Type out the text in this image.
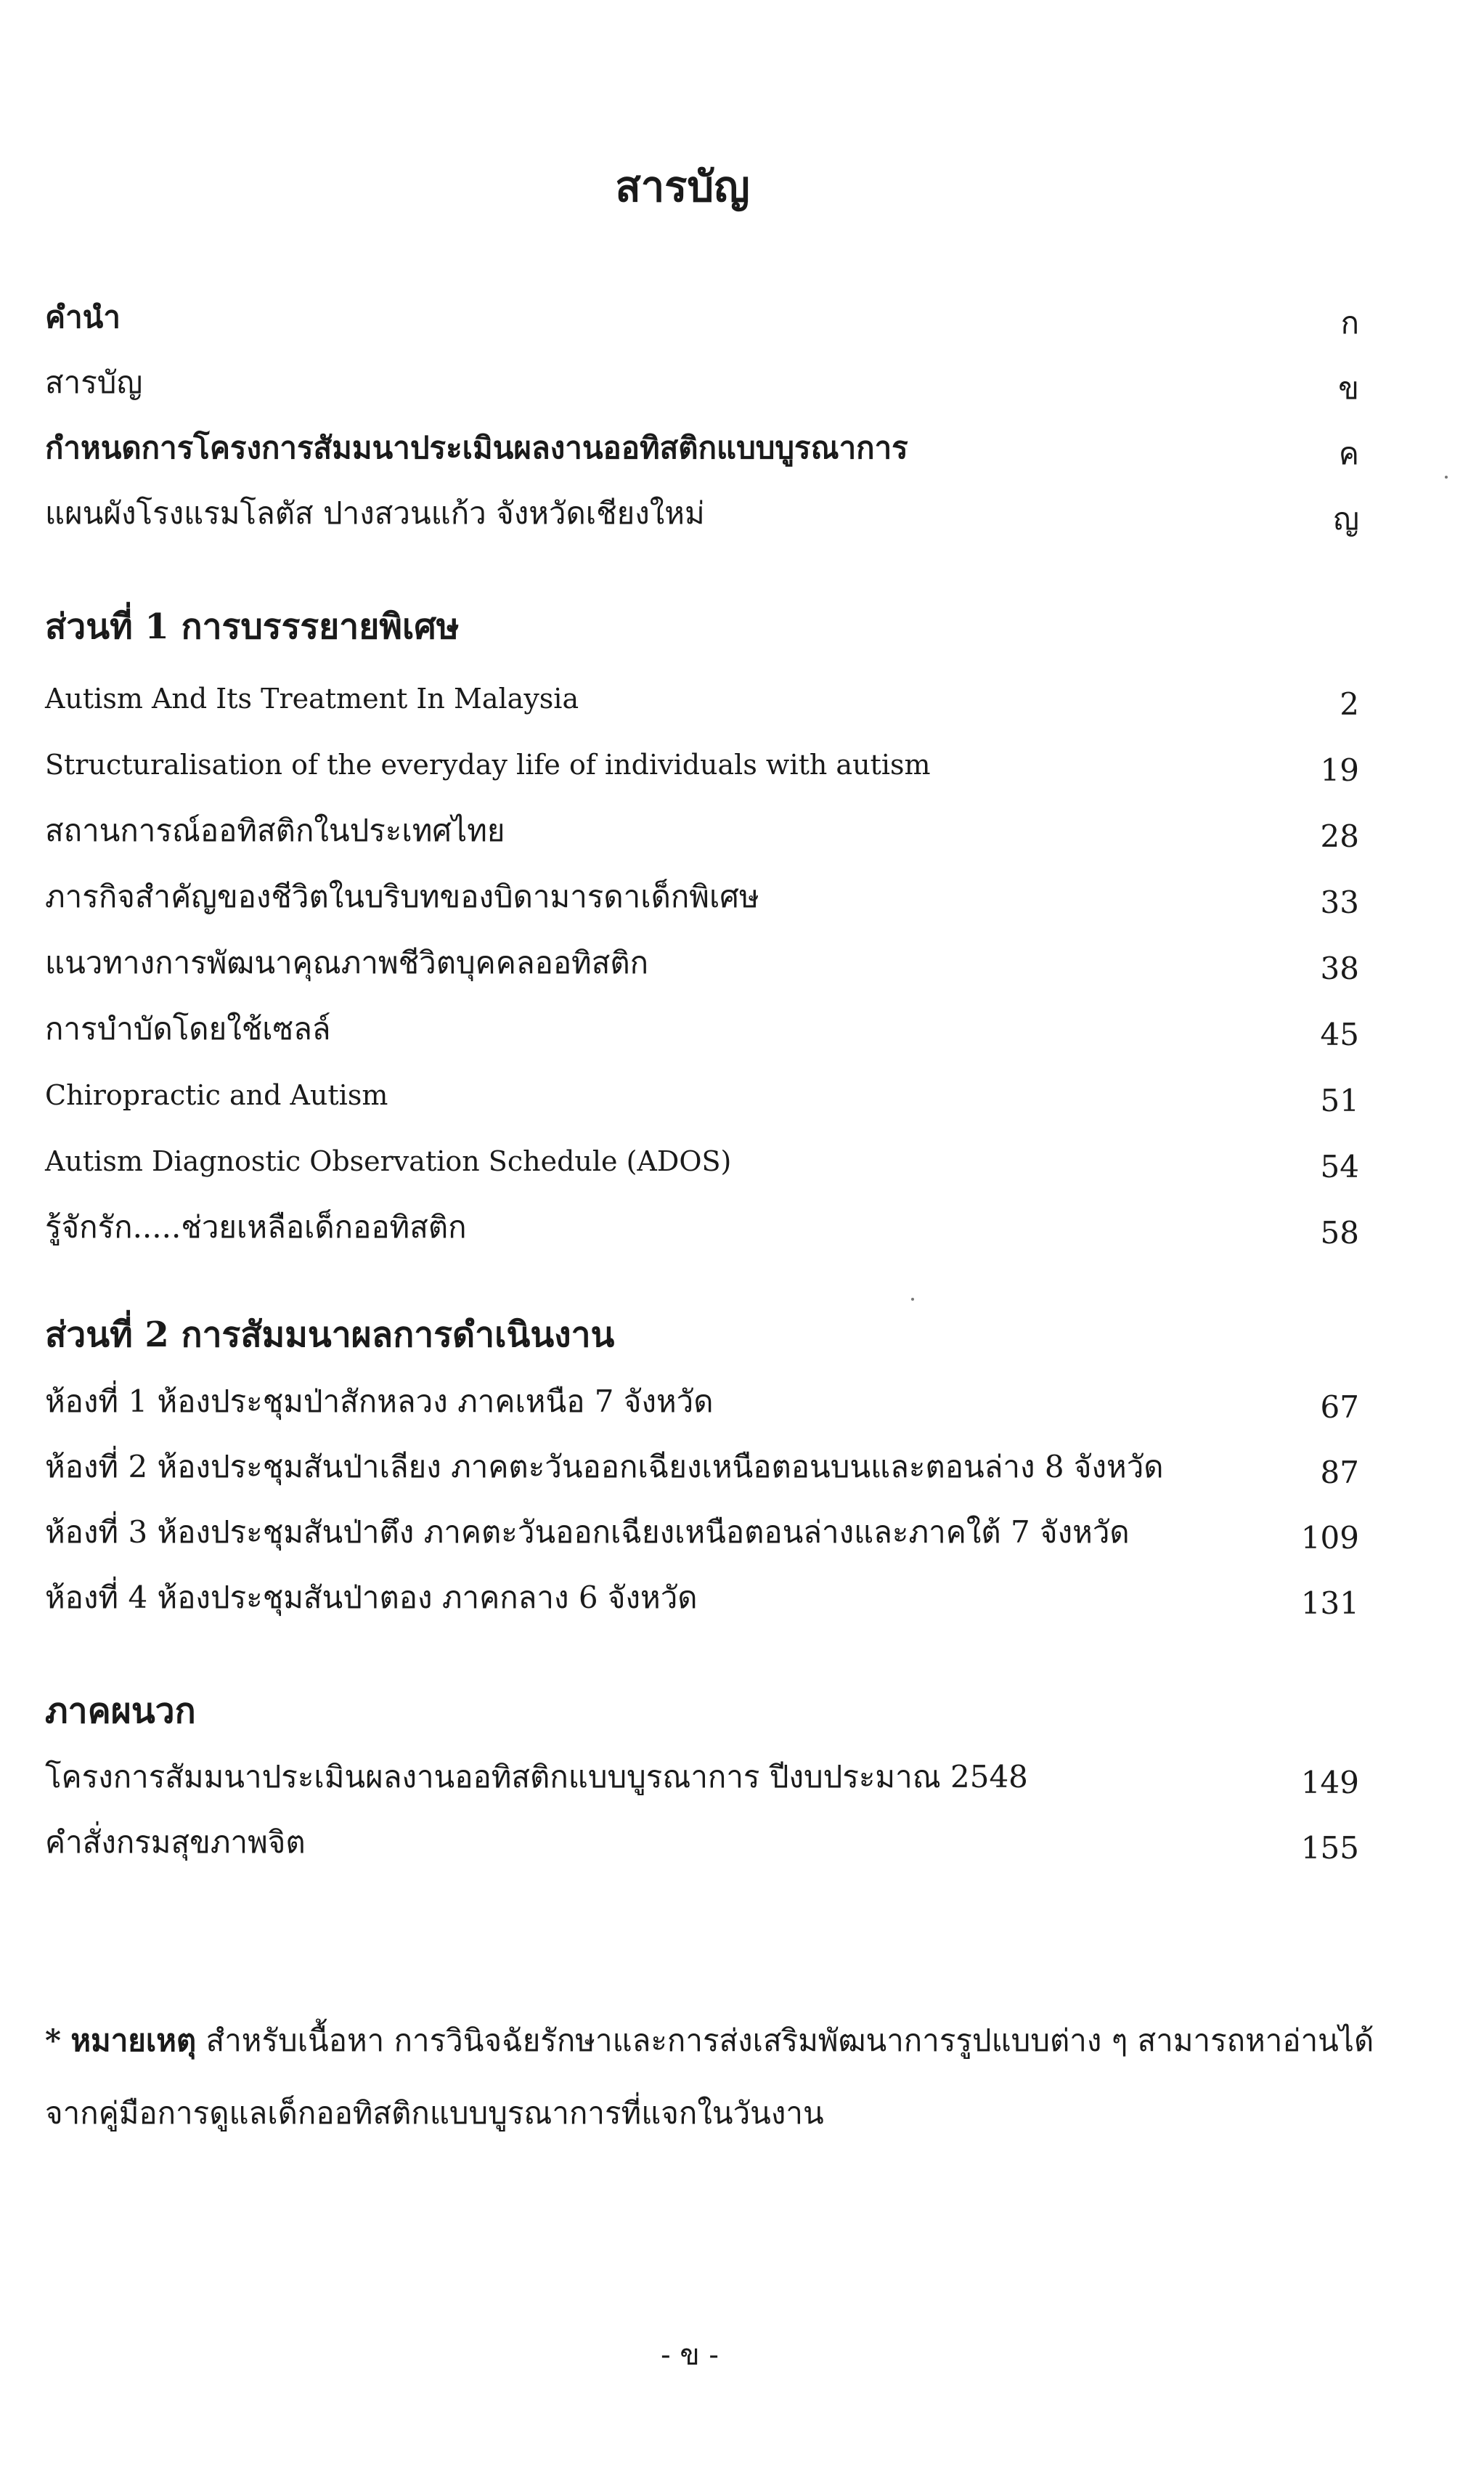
สารบัญ
คำนำ	ก
สารบัญ	ข
กำหนดการโครงการสัมมนาประเมินผลงานออทิสติกแบบบูรณาการ	ค
แผนผังโรงแรมโลตัส ปางสวนแก้ว จังหวัดเชียงใหม่	ญ
ส่วนที่ 1 การบรรรยายพิเศษ
Autism And Its Treatment In Malaysia	2
Structuralisation of the everyday life of individuals with autism	19
สถานการณ์ออทิสติกในประเทศไทย	28
ภารกิจสำคัญของชีวิตในบริบทของบิดามารดาเด็กพิเศษ	33
แนวทางการพัฒนาคุณภาพชีวิตบุคคลออทิสติก	38
การบำบัดโดยใช้เซลล์	45
Chiropractic and Autism	51
Autism Diagnostic Observation Schedule (ADOS)	54
รู้จักรัก.....ช่วยเหลือเด็กออทิสติก	58
ส่วนที่ 2 การสัมมนาผลการดำเนินงาน
ห้องที่ 1 ห้องประชุมป่าสักหลวง ภาคเหนือ 7 จังหวัด	67
ห้องที่ 2 ห้องประชุมสันป่าเลียง ภาคตะวันออกเฉียงเหนือตอนบนและตอนล่าง 8 จังหวัด	87
ห้องที่ 3 ห้องประชุมสันป่าตึง ภาคตะวันออกเฉียงเหนือตอนล่างและภาคใต้ 7 จังหวัด	109
ห้องที่ 4 ห้องประชุมสันป่าตอง ภาคกลาง 6 จังหวัด	131
ภาคผนวก
โครงการสัมมนาประเมินผลงานออทิสติกแบบบูรณาการ ปีงบประมาณ 2548	149
คำสั่งกรมสุขภาพจิต	155
* หมายเหตุ สำหรับเนื้อหา การวินิจฉัยรักษาและการส่งเสริมพัฒนาการรูปแบบต่าง ๆ สามารถหาอ่านได้จากคู่มือการดูแลเด็กออทิสติกแบบบูรณาการที่แจกในวันงาน
- ข -
